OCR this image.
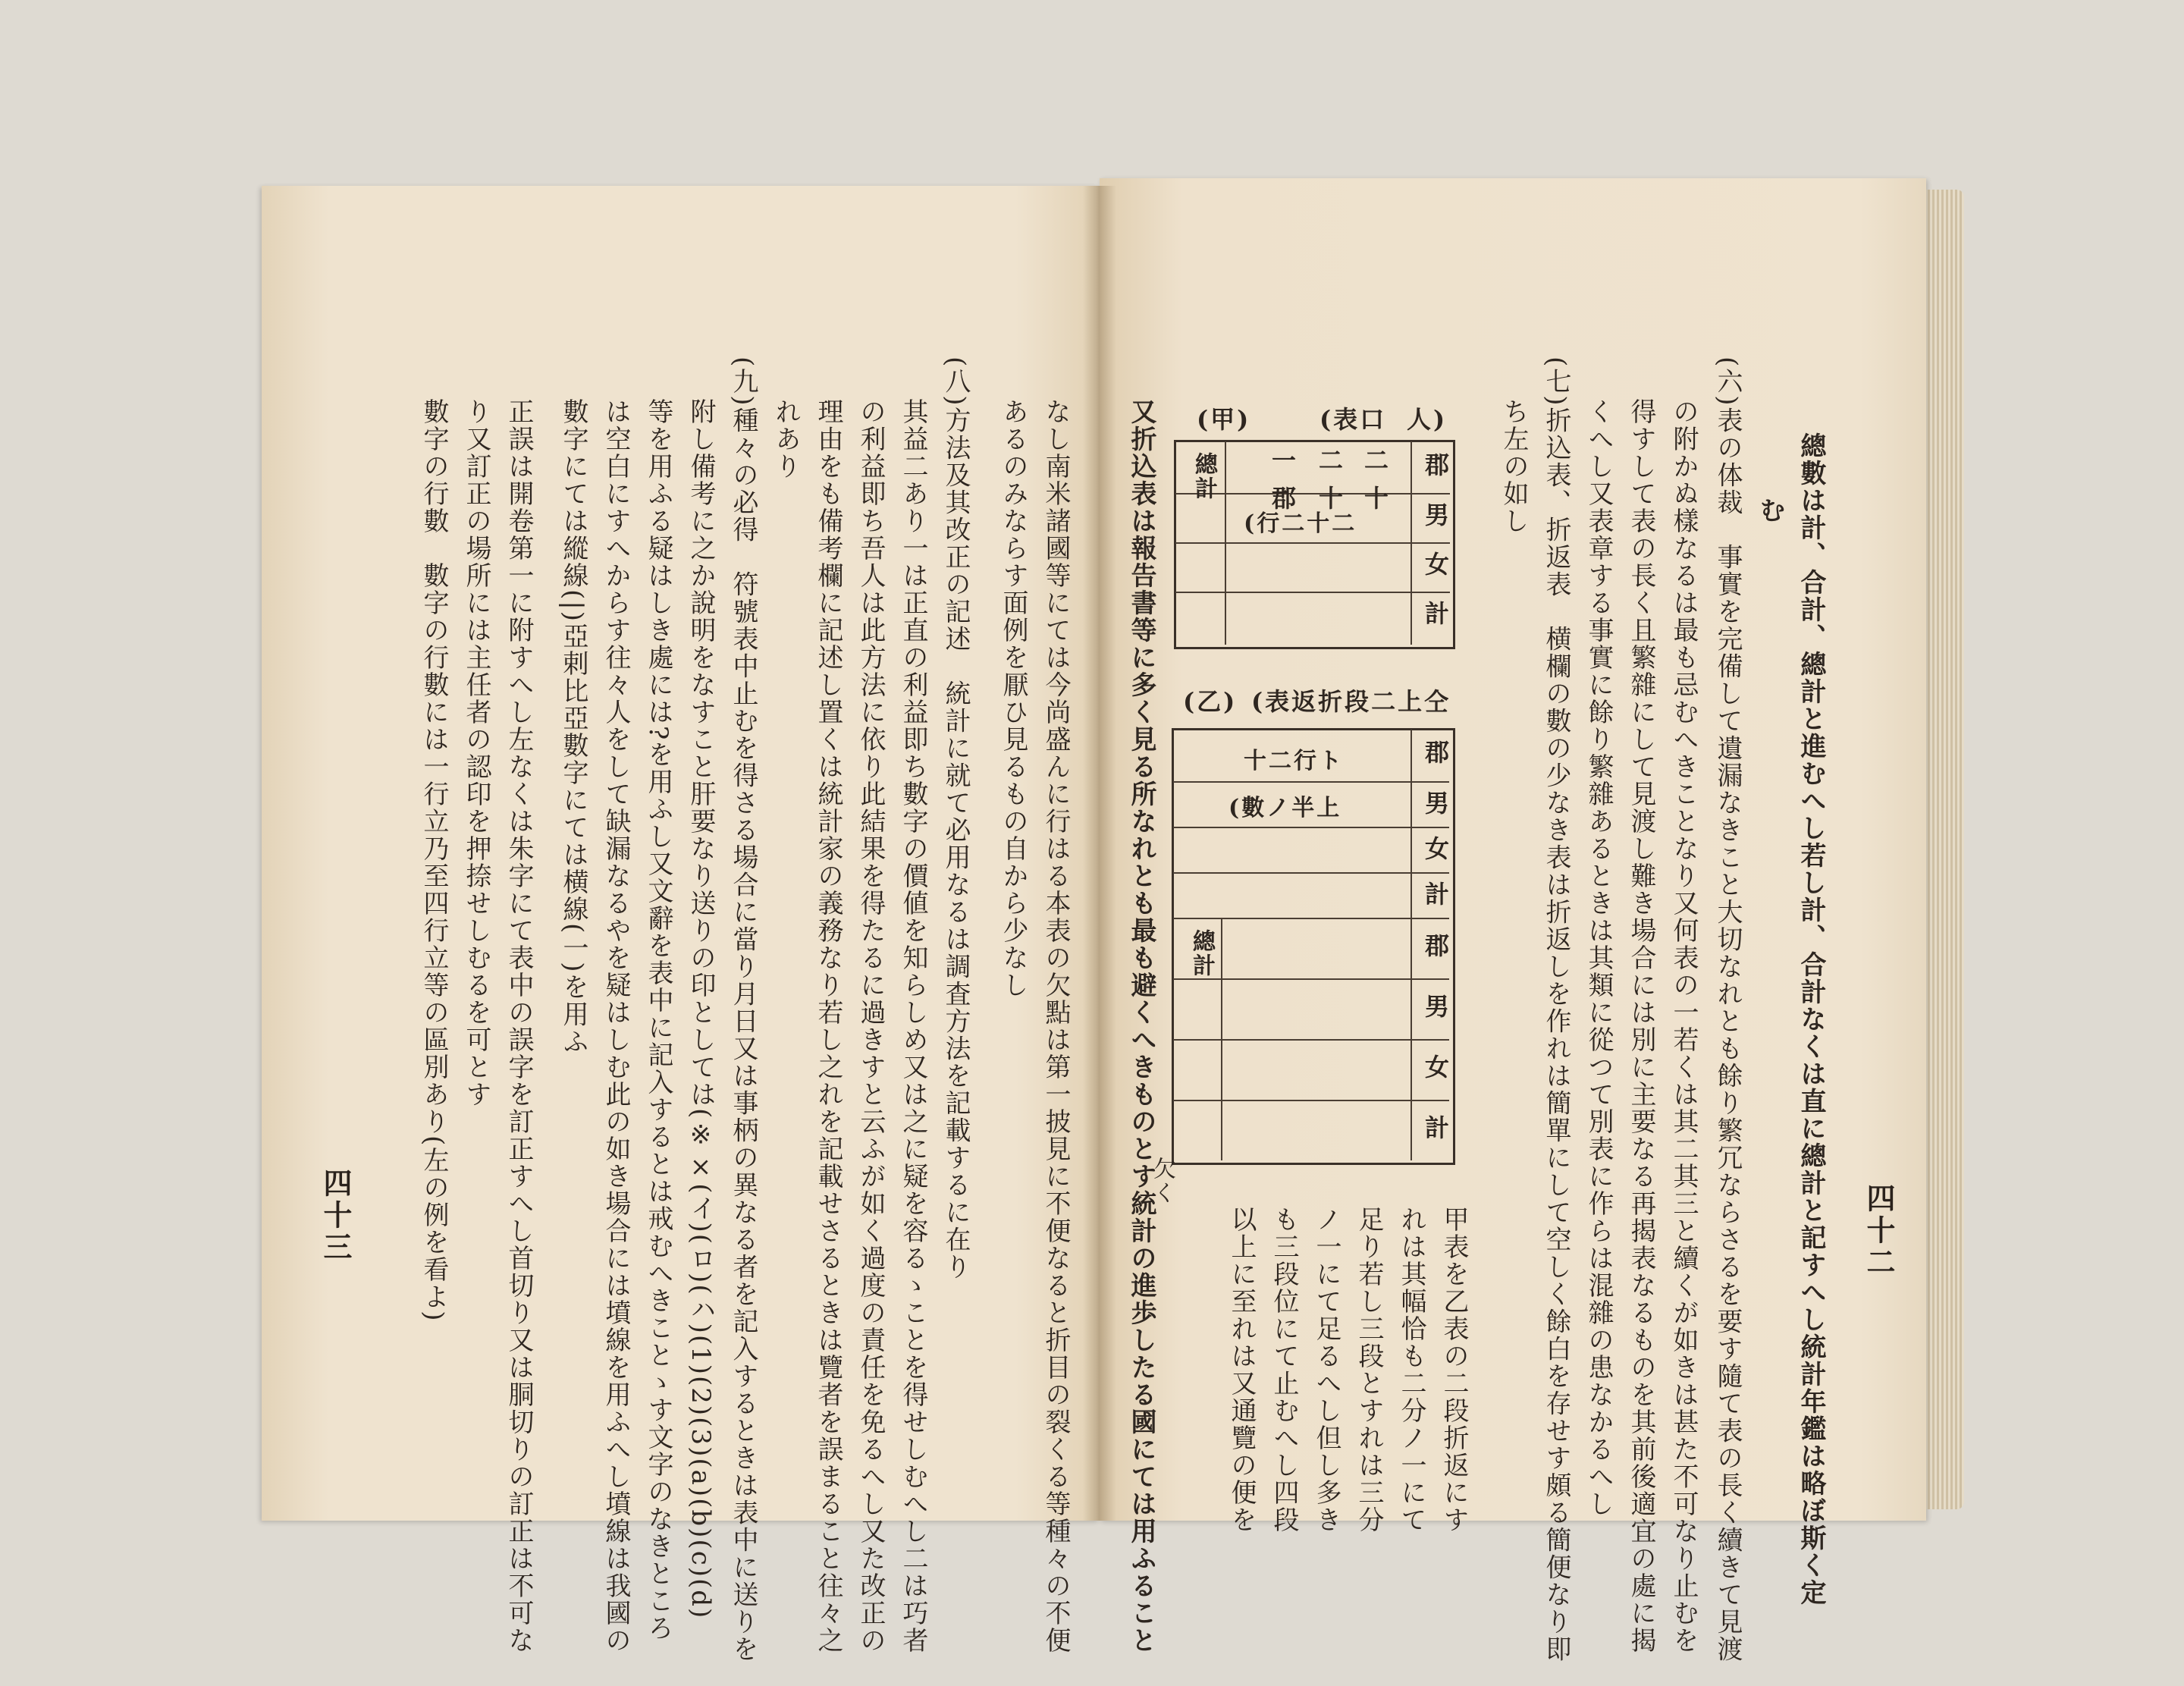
四十二
總數は計、合計、總計と進むへし若し計、合計なくは直に總計と記すへし統計年鑑は略ぼ斯く定
む
(六)表の体裁　事實を完備して遺漏なきこと大切なれとも餘り繁冗ならさるを要す隨て表の長く續きて見渡
の附かぬ樣なるは最も忌むへきことなり又何表の一若くは其二其三と續くが如きは甚た不可なり止むを
得すして表の長く且繁雜にして見渡し難き場合には別に主要なる再揭表なるものを其前後適宜の處に揭
くへし又表章する事實に餘り繁雜あるときは其類に從つて別表に作らは混雜の患なかるへし
(七)折込表、折返表　横欄の數の少なき表は折返しを作れは簡單にして空しく餘白を存せす頗る簡便なり即
ち左の如し
(甲)	(表口 人)
郡
男
女
計
二十
二十
一郡
(行二十二
總計
(乙) (表返折段二上仝
郡
男
女
計
郡
男
女
計
十二行ト
(數ノ半上
總計
甲表を乙表の二段折返にす
れは其幅恰も二分ノ一にて
足り若し三段とすれは三分
ノ一にて足るへし但し多き
も三段位にて止むへし四段
以上に至れは又通覽の便を
又折込表は報告書等に多く見る所なれとも最も避くへきものとす統計の進歩したる國にては用ふること
欠く
なし南米諸國等にては今尚盛んに行はる本表の欠點は第一披見に不便なると折目の裂くる等種々の不便
あるのみならす面例を厭ひ見るもの自から少なし
(八)方法及其改正の記述　統計に就て必用なるは調査方法を記載するに在り
其益二あり一は正直の利益即ち數字の價値を知らしめ又は之に疑を容るゝことを得せしむへし二は巧者
の利益即ち吾人は此方法に依り此結果を得たるに過きすと云ふが如く過度の責任を免るへし又た改正の
理由をも備考欄に記述し置くは統計家の義務なり若し之れを記載せさるときは覽者を誤まること往々之
れあり
(九)種々の必得　符號表中止むを得さる場合に當り月日又は事柄の異なる者を記入するときは表中に送りを
附し備考に之か說明をなすこと肝要なり送りの印としては(※×(イ)(ロ)(ハ)(1)(2)(3)(a)(b)(c)(d)
等を用ふる疑はしき處には?を用ふし又文辭を表中に記入するとは戒むへきことゝす文字のなきところ
は空白にすへからす往々人をして缺漏なるやを疑はしむ此の如き場合には墳線を用ふへし墳線は我國の
數字にては縱線(|)亞剌比亞數字にては横線(一)を用ふ
正誤は開卷第一に附すへし左なくは朱字にて表中の誤字を訂正すへし首切り又は胴切りの訂正は不可な
り又訂正の場所には主任者の認印を押捺せしむるを可とす
數字の行數　數字の行數には一行立乃至四行立等の區別あり(左の例を看よ)
四十三
